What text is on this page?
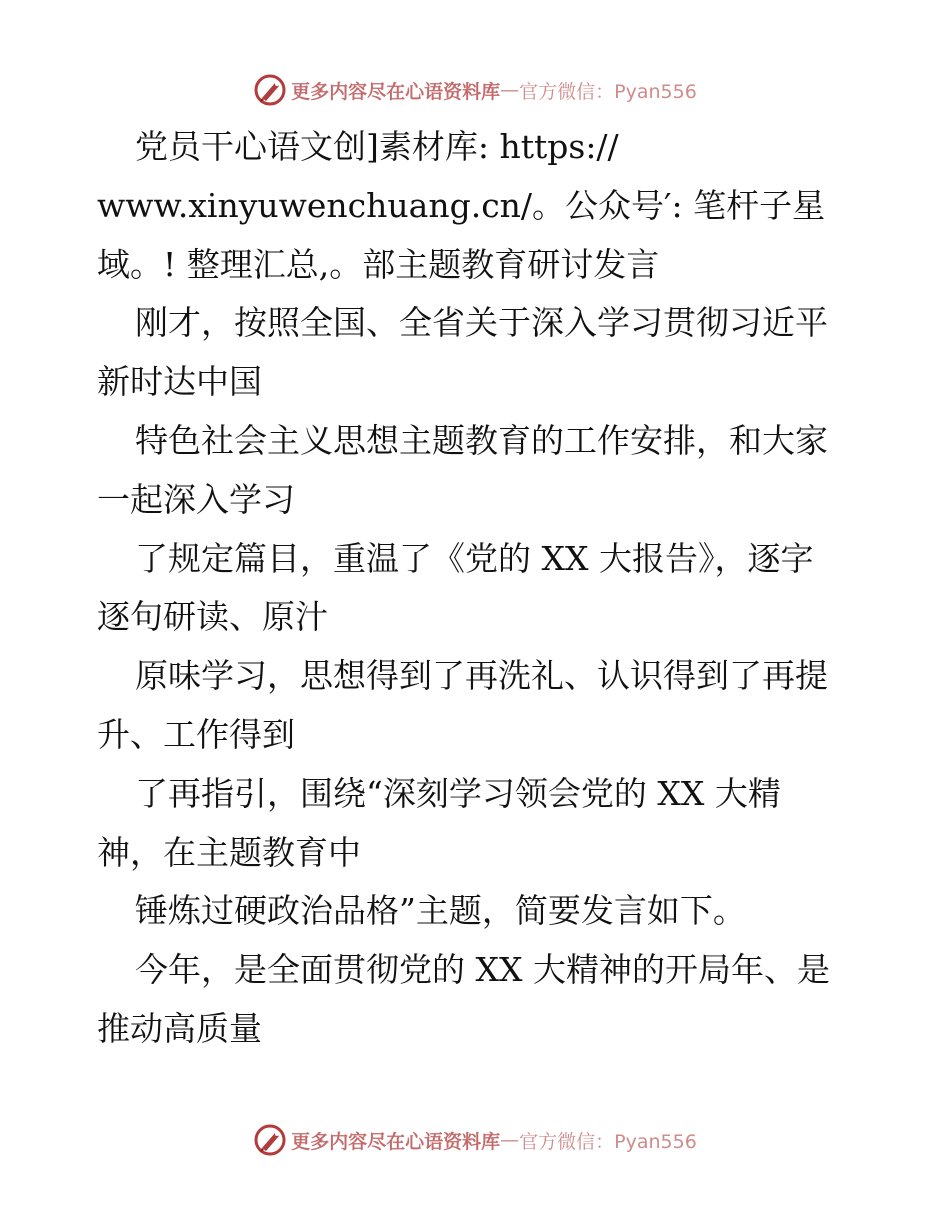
更多内容尽在心语资料库 — 官方微信：Pyan556
党员干心语文创]素材库: https://
www.xinyuwenchuang.cn/。公众号′: 笔杆子星
域。! 整理汇总,。部主题教育研讨发言
刚才，按照全国、全省关于深入学习贯彻习近平
新时达中国
特色社会主义思想主题教育的工作安排，和大家
一起深入学习
了规定篇目，重温了《党的 XX 大报告》，逐字
逐句研读、原汁
原味学习，思想得到了再洗礼、认识得到了再提
升、工作得到
了再指引，围绕“深刻学习领会党的 XX 大精
神，在主题教育中
锤炼过硬政治品格”主题，简要发言如下。
今年，是全面贯彻党的 XX 大精神的开局年、是
推动高质量
更多内容尽在心语资料库 — 官方微信：Pyan556
